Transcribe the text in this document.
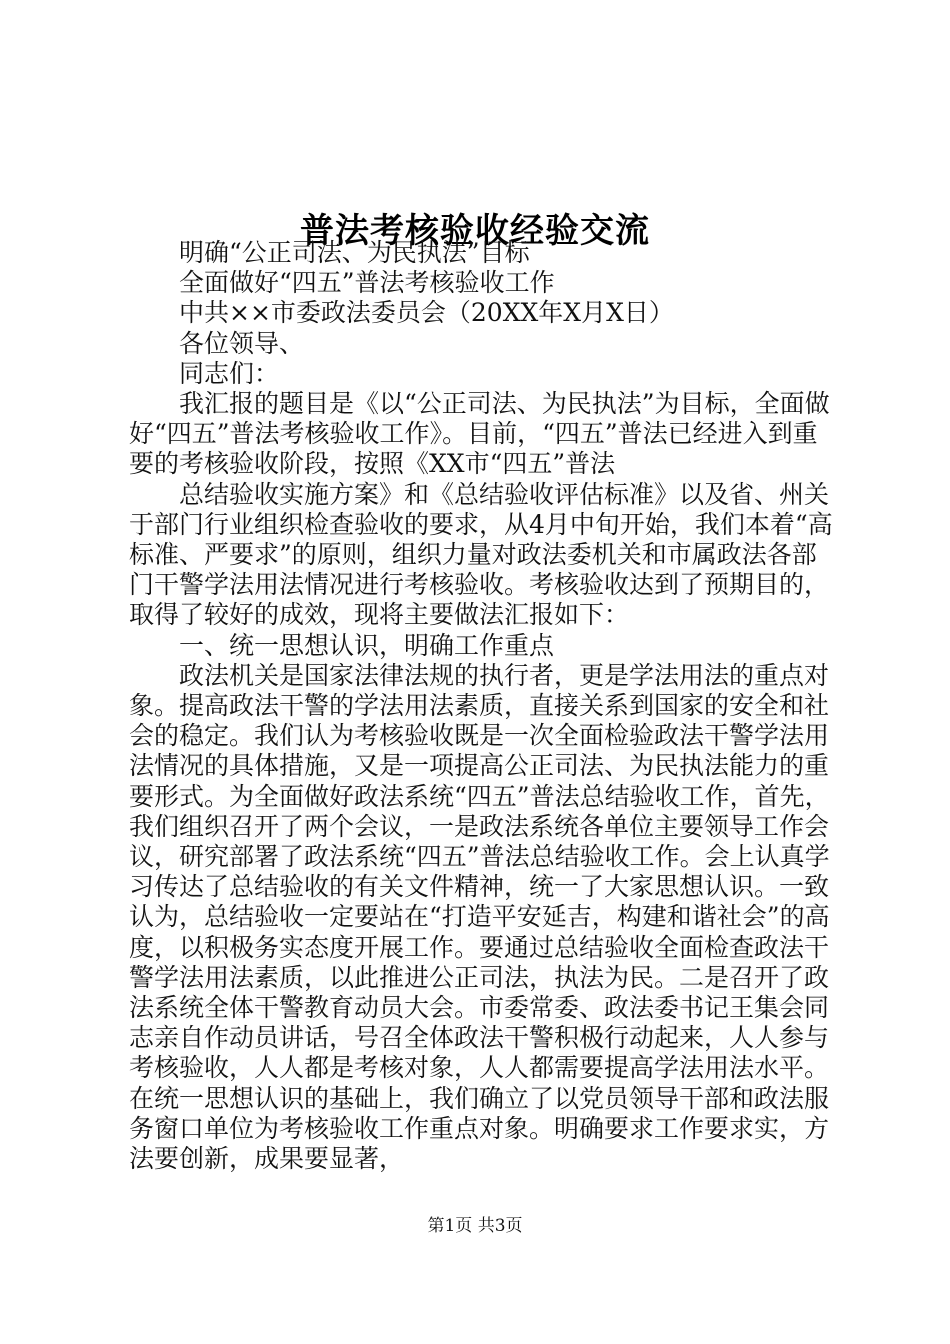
普法考核验收经验交流

明确“公正司法、为民执法”目标

全面做好“四五”普法考核验收工作

中共××市委政法委员会（20XX年X月X日）

各位领导、

同志们：

我汇报的题目是《以“公正司法、为民执法”为目标，全面做好“四五”普法考核验收工作》。目前，“四五”普法已经进入到重要的考核验收阶段，按照《XX市“四五”普法

总结验收实施方案》和《总结验收评估标准》以及省、州关于部门行业组织检查验收的要求，从4月中旬开始，我们本着“高标准、严要求”的原则，组织力量对政法委机关和市属政法各部门干警学法用法情况进行考核验收。考核验收达到了预期目的，取得了较好的成效，现将主要做法汇报如下：

一、统一思想认识，明确工作重点

政法机关是国家法律法规的执行者，更是学法用法的重点对象。提高政法干警的学法用法素质，直接关系到国家的安全和社会的稳定。我们认为考核验收既是一次全面检验政法干警学法用法情况的具体措施，又是一项提高公正司法、为民执法能力的重要形式。为全面做好政法系统“四五”普法总结验收工作，首先，我们组织召开了两个会议，一是政法系统各单位主要领导工作会议，研究部署了政法系统“四五”普法总结验收工作。会上认真学习传达了总结验收的有关文件精神，统一了大家思想认识。一致认为，总结验收一定要站在“打造平安延吉，构建和谐社会”的高度，以积极务实态度开展工作。要通过总结验收全面检查政法干警学法用法素质，以此推进公正司法，执法为民。二是召开了政法系统全体干警教育动员大会。市委常委、政法委书记王集会同志亲自作动员讲话，号召全体政法干警积极行动起来，人人参与考核验收，人人都是考核对象，人人都需要提高学法用法水平。在统一思想认识的基础上，我们确立了以党员领导干部和政法服务窗口单位为考核验收工作重点对象。明确要求工作要求实，方法要创新，成果要显著，

第1页 共3页
